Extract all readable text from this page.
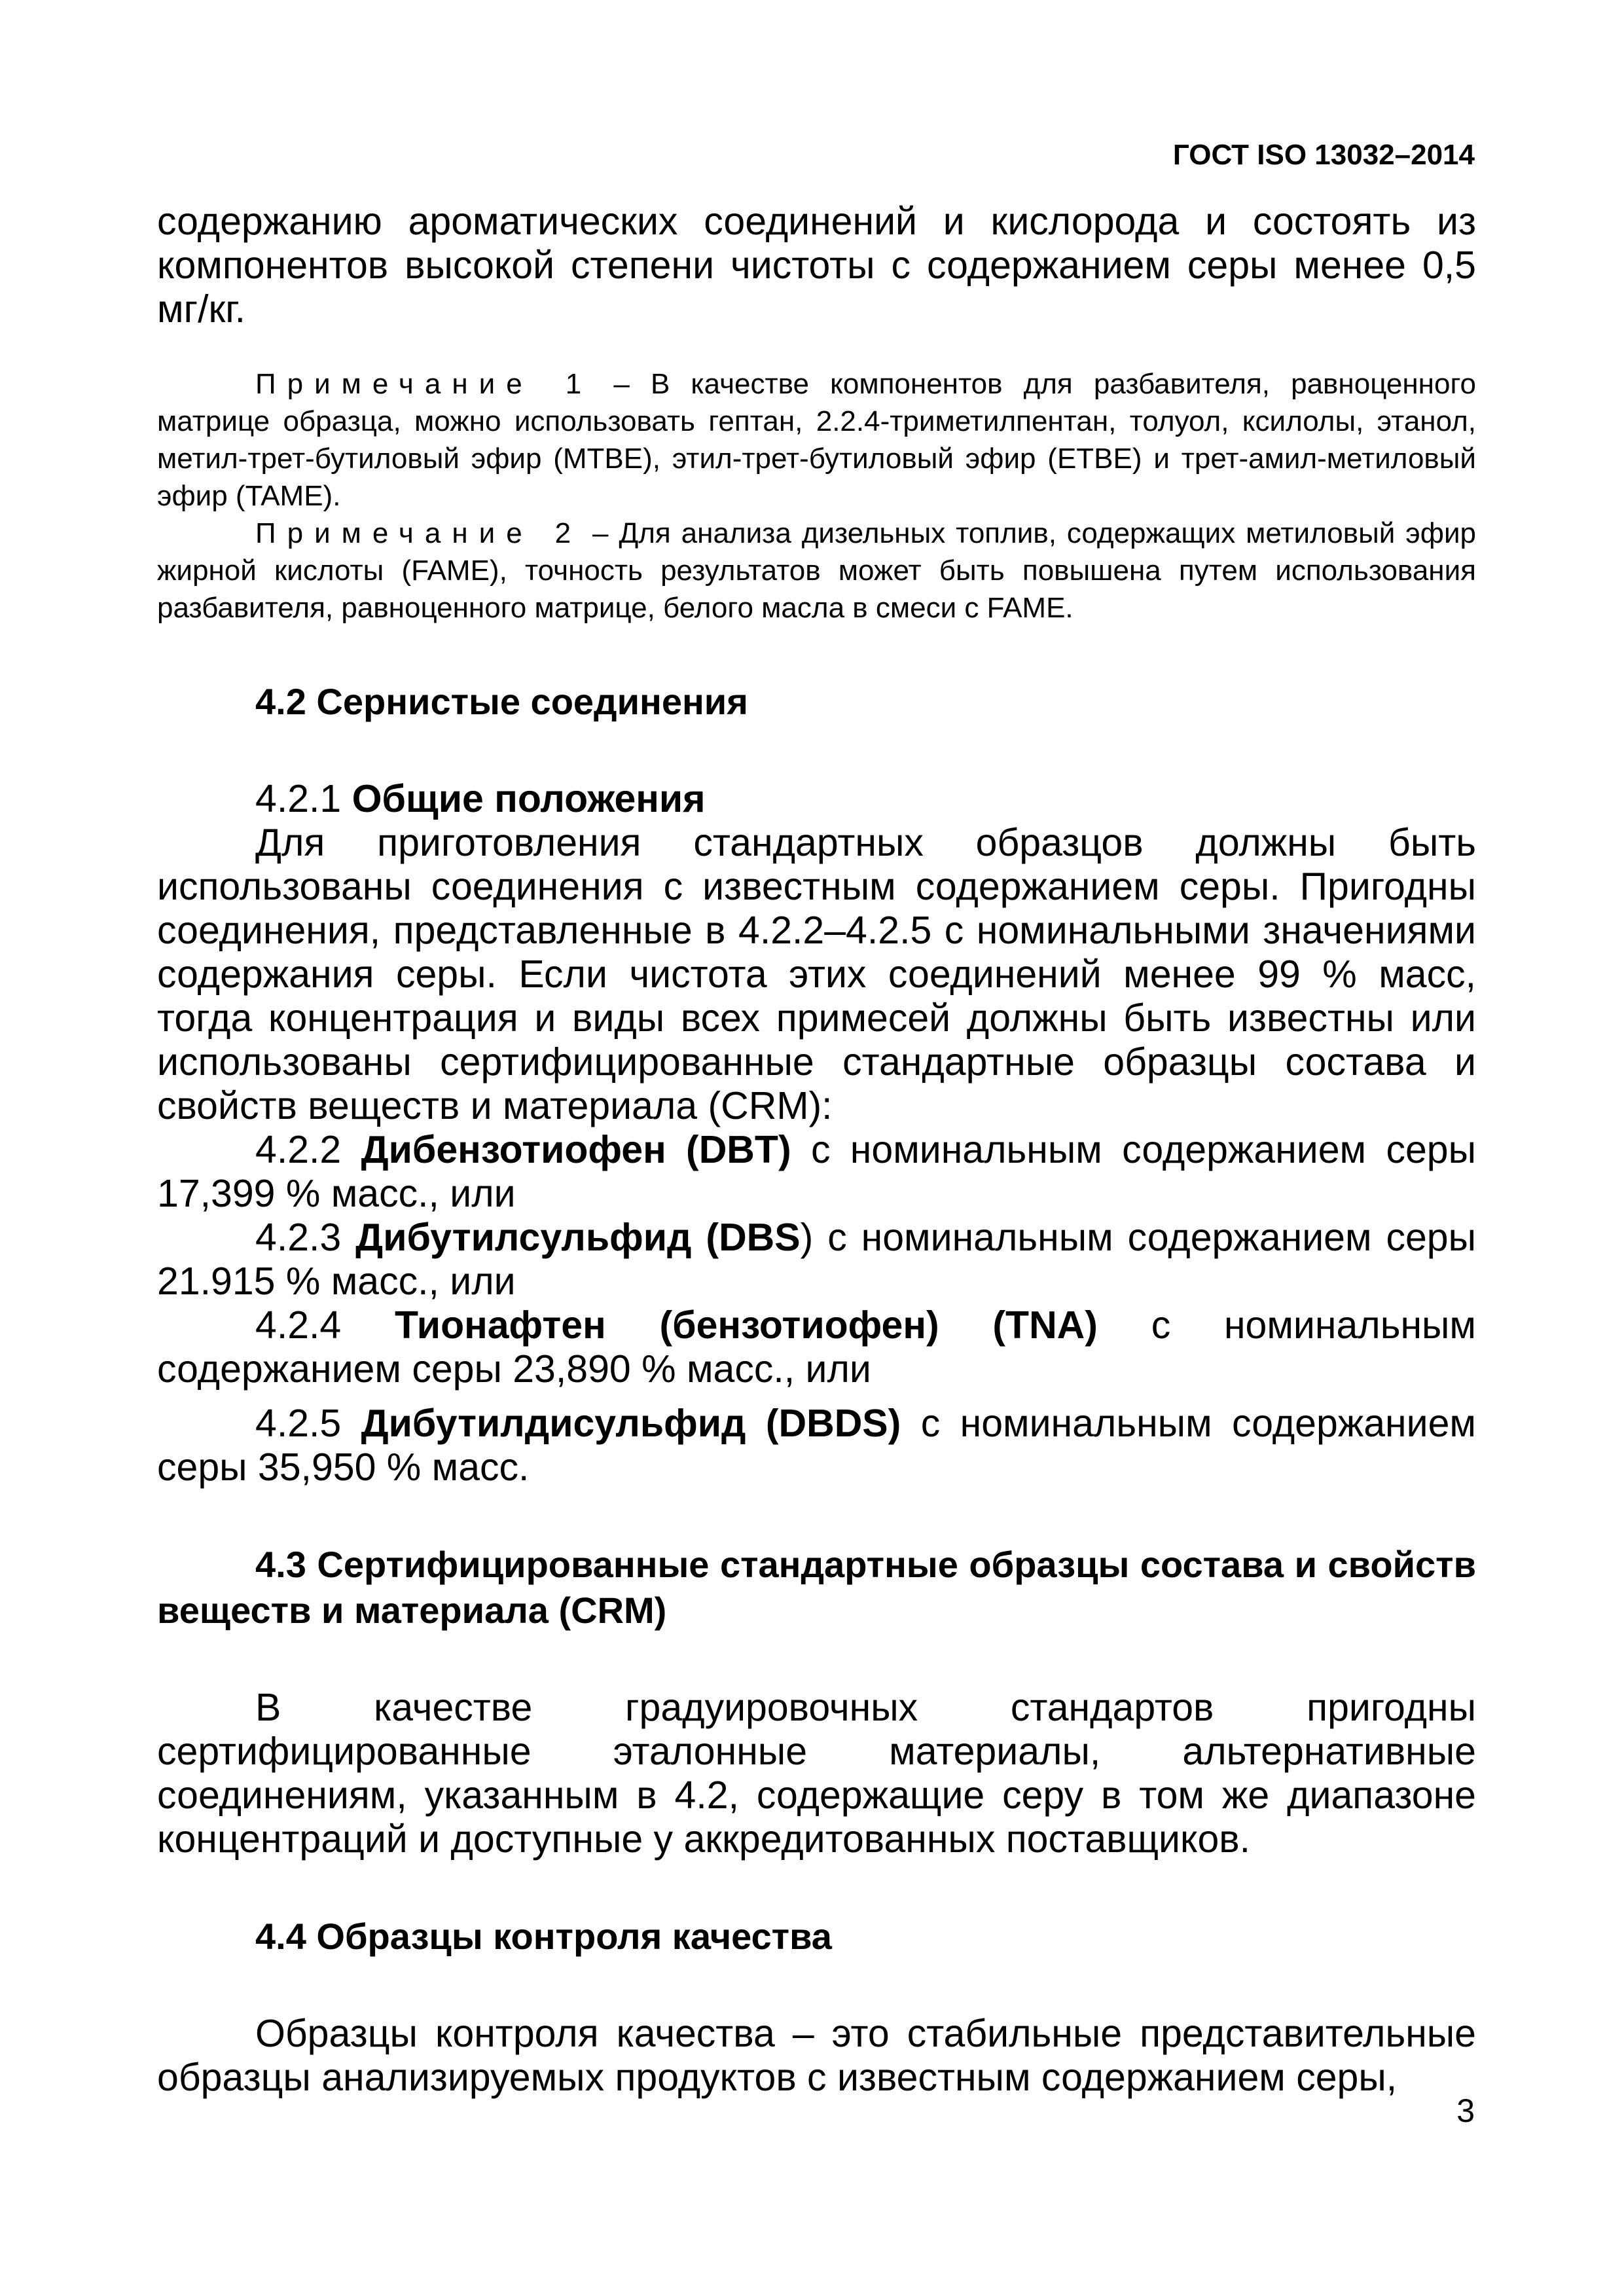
ГОСТ ISO 13032–2014

содержанию ароматических соединений и кислорода и состоять из компонентов высокой степени чистоты с содержанием серы менее 0,5 мг/кг.

Примечание 1 – В качестве компонентов для разбавителя, равноценного матрице образца, можно использовать гептан, 2.2.4-триметилпентан, толуол, ксилолы, этанол, метил-трет-бутиловый эфир (MTBE), этил-трет-бутиловый эфир (ETBE) и трет-амил-метиловый эфир (TAME).

Примечание 2 – Для анализа дизельных топлив, содержащих метиловый эфир жирной кислоты (FAME), точность результатов может быть повышена путем использования разбавителя, равноценного матрице, белого масла в смеси с FAME.

4.2 Сернистые соединения

4.2.1 Общие положения

Для приготовления стандартных образцов должны быть использованы соединения с известным содержанием серы. Пригодны соединения, представленные в 4.2.2–4.2.5 с номинальными значениями содержания серы. Если чистота этих соединений менее 99 % масс, тогда концентрация и виды всех примесей должны быть известны или использованы сертифицированные стандартные образцы состава и свойств веществ и материала (CRM):

4.2.2 Дибензотиофен (DBT) с номинальным содержанием серы 17,399 % масс., или

4.2.3 Дибутилсульфид (DBS) с номинальным содержанием серы 21.915 % масс., или

4.2.4 Тионафтен (бензотиофен) (TNA) с номинальным содержанием серы 23,890 % масс., или

4.2.5 Дибутилдисульфид (DBDS) с номинальным содержанием серы 35,950 % масс.

4.3 Сертифицированные стандартные образцы состава и свойств веществ и материала (CRM)

В качестве градуировочных стандартов пригодны сертифицированные эталонные материалы, альтернативные соединениям, указанным в 4.2, содержащие серу в том же диапазоне концентраций и доступные у аккредитованных поставщиков.

4.4 Образцы контроля качества

Образцы контроля качества – это стабильные представительные образцы анализируемых продуктов с известным содержанием серы,

3
